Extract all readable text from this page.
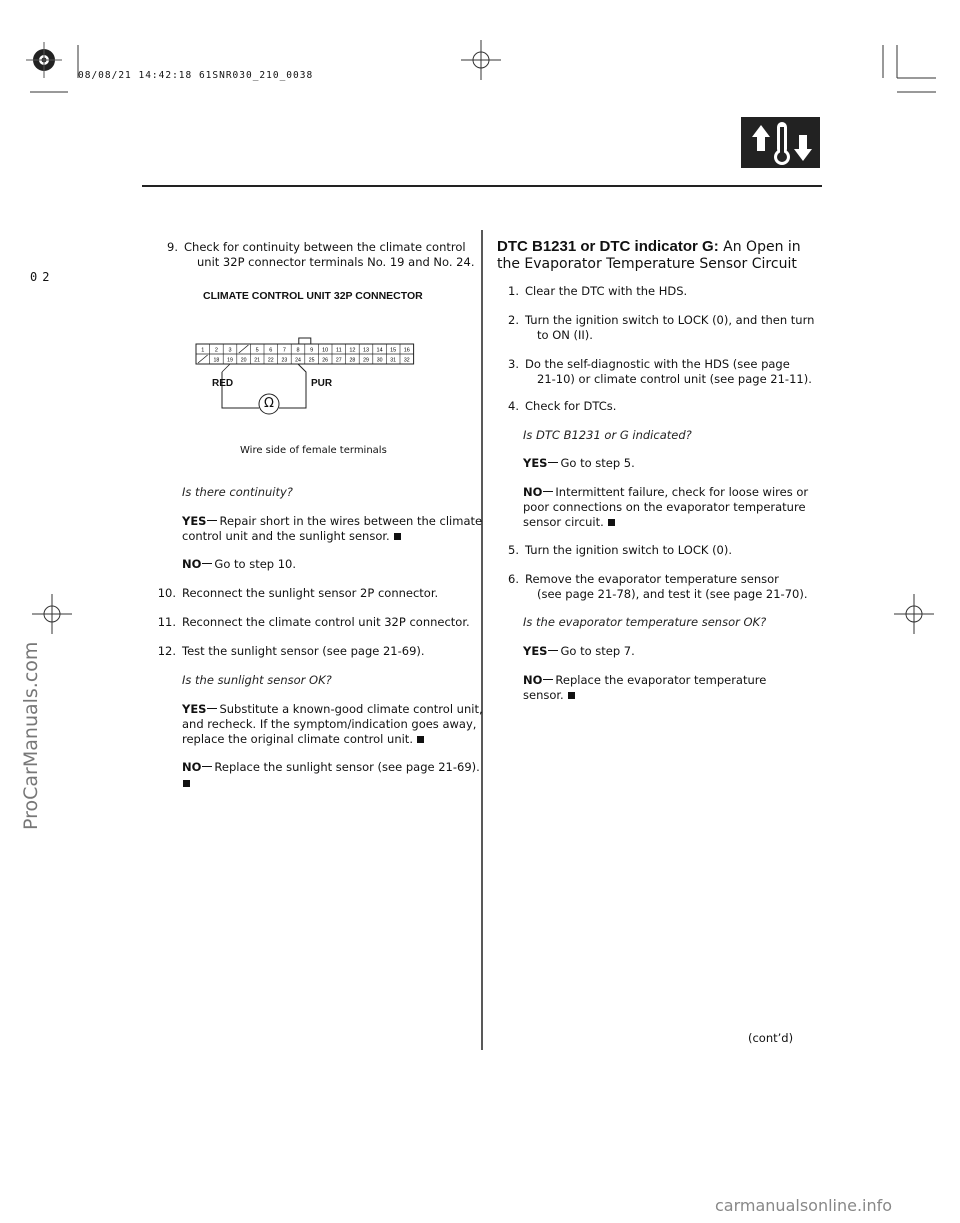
08/08/21 14:42:18 61SNR030_210_0038
02
9. Check for continuity between the climate control
unit 32P connector terminals No. 19 and No. 24.
CLIMATE CONTROL UNIT 32P CONNECTOR
1 2 3	5 6 7 8 9 10 11 12 13 14 15 16
18 19 20 21 22 23 24 25 26 27 28 29 30 31 32
RED	PUR
Ω
Wire side of female terminals
Is there continuity?
YES Repair short in the wires between the climate
control unit and the sunlight sensor.
NO Go to step 10.
10. Reconnect the sunlight sensor 2P connector.
11. Reconnect the climate control unit 32P connector.
12. Test the sunlight sensor (see page 21-69).
Is the sunlight sensor OK?
YES Substitute a known-good climate control unit,
and recheck. If the symptom/indication goes away,
replace the original climate control unit.
NO Replace the sunlight sensor (see page 21-69).
DTC B1231 or DTC indicator G: An Open in
the Evaporator Temperature Sensor Circuit
1. Clear the DTC with the HDS.
2. Turn the ignition switch to LOCK (0), and then turn
to ON (II).
3. Do the self-diagnostic with the HDS (see page
21-10) or climate control unit (see page 21-11).
4. Check for DTCs.
Is DTC B1231 or G indicated?
YES Go to step 5.
NO Intermittent failure, check for loose wires or
poor connections on the evaporator temperature
sensor circuit.
5. Turn the ignition switch to LOCK (0).
6. Remove the evaporator temperature sensor
(see page 21-78), and test it (see page 21-70).
Is the evaporator temperature sensor OK?
YES Go to step 7.
NO Replace the evaporator temperature
sensor.
(cont’d)
ProCarManuals.com
carmanualsonline.info
